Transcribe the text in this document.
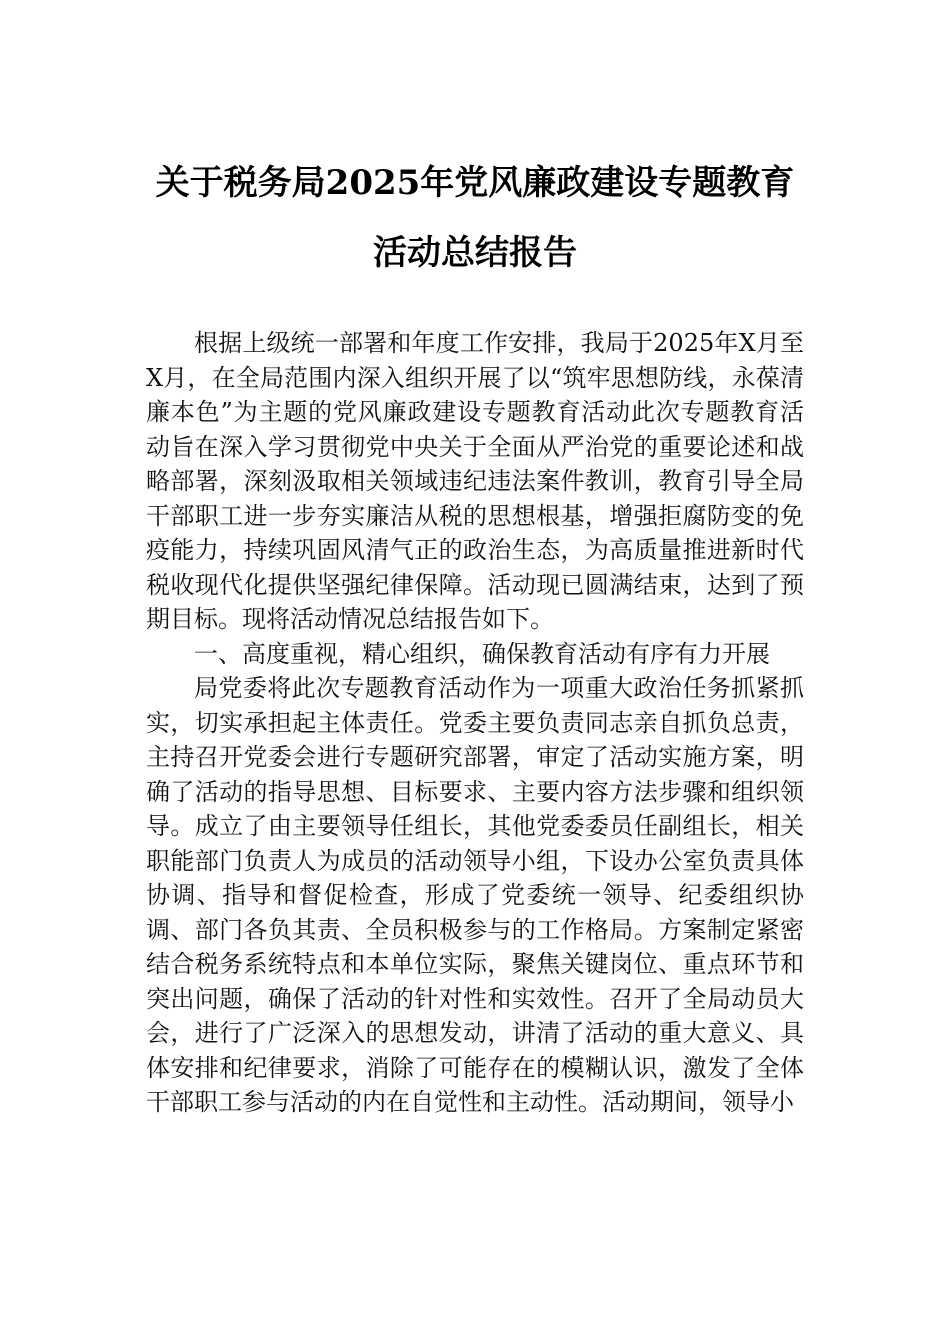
关于税务局2025年党风廉政建设专题教育
活动总结报告

根据上级统一部署和年度工作安排，我局于2025年X月至X月，在全局范围内深入组织开展了以“筑牢思想防线，永葆清廉本色”为主题的党风廉政建设专题教育活动此次专题教育活动旨在深入学习贯彻党中央关于全面从严治党的重要论述和战略部署，深刻汲取相关领域违纪违法案件教训，教育引导全局干部职工进一步夯实廉洁从税的思想根基，增强拒腐防变的免疫能力，持续巩固风清气正的政治生态，为高质量推进新时代税收现代化提供坚强纪律保障。活动现已圆满结束，达到了预期目标。现将活动情况总结报告如下。

一、高度重视，精心组织，确保教育活动有序有力开展

局党委将此次专题教育活动作为一项重大政治任务抓紧抓实，切实承担起主体责任。党委主要负责同志亲自抓负总责，主持召开党委会进行专题研究部署，审定了活动实施方案，明确了活动的指导思想、目标要求、主要内容方法步骤和组织领导。成立了由主要领导任组长，其他党委委员任副组长，相关职能部门负责人为成员的活动领导小组，下设办公室负责具体协调、指导和督促检查，形成了党委统一领导、纪委组织协调、部门各负其责、全员积极参与的工作格局。方案制定紧密结合税务系统特点和本单位实际，聚焦关键岗位、重点环节和突出问题，确保了活动的针对性和实效性。召开了全局动员大会，进行了广泛深入的思想发动，讲清了活动的重大意义、具体安排和纪律要求，消除了可能存在的模糊认识，激发了全体干部职工参与活动的内在自觉性和主动性。活动期间，领导小
